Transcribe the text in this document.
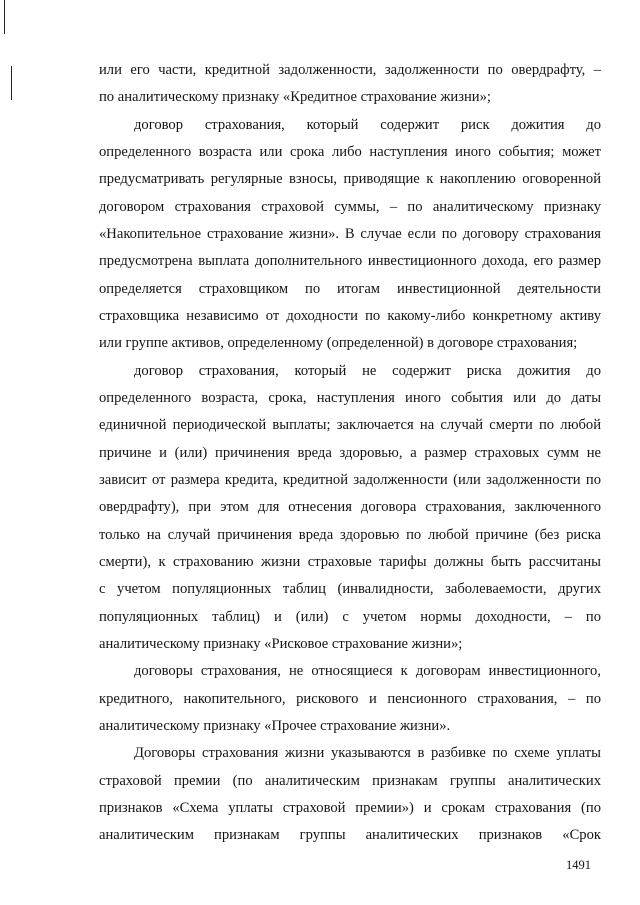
или его части, кредитной задолженности, задолженности по овердрафту, –
по аналитическому признаку «Кредитное страхование жизни»;
договор страхования, который содержит риск дожития до
определенного возраста или срока либо наступления иного события; может
предусматривать регулярные взносы, приводящие к накоплению оговоренной
договором страхования страховой суммы, – по аналитическому признаку
«Накопительное страхование жизни». В случае если по договору страхования
предусмотрена выплата дополнительного инвестиционного дохода, его размер
определяется страховщиком по итогам инвестиционной деятельности
страховщика независимо от доходности по какому-либо конкретному активу
или группе активов, определенному (определенной) в договоре страхования;
договор страхования, который не содержит риска дожития до
определенного возраста, срока, наступления иного события или до даты
единичной периодической выплаты; заключается на случай смерти по любой
причине и (или) причинения вреда здоровью, а размер страховых сумм не
зависит от размера кредита, кредитной задолженности (или задолженности по
овердрафту), при этом для отнесения договора страхования, заключенного
только на случай причинения вреда здоровью по любой причине (без риска
смерти), к страхованию жизни страховые тарифы должны быть рассчитаны
с учетом популяционных таблиц (инвалидности, заболеваемости, других
популяционных таблиц) и (или) с учетом нормы доходности, – по
аналитическому признаку «Рисковое страхование жизни»;
договоры страхования, не относящиеся к договорам инвестиционного,
кредитного, накопительного, рискового и пенсионного страхования, – по
аналитическому признаку «Прочее страхование жизни».
Договоры страхования жизни указываются в разбивке по схеме уплаты
страховой премии (по аналитическим признакам группы аналитических
признаков «Схема уплаты страховой премии») и срокам страхования (по
аналитическим признакам группы аналитических признаков «Срок
1491
